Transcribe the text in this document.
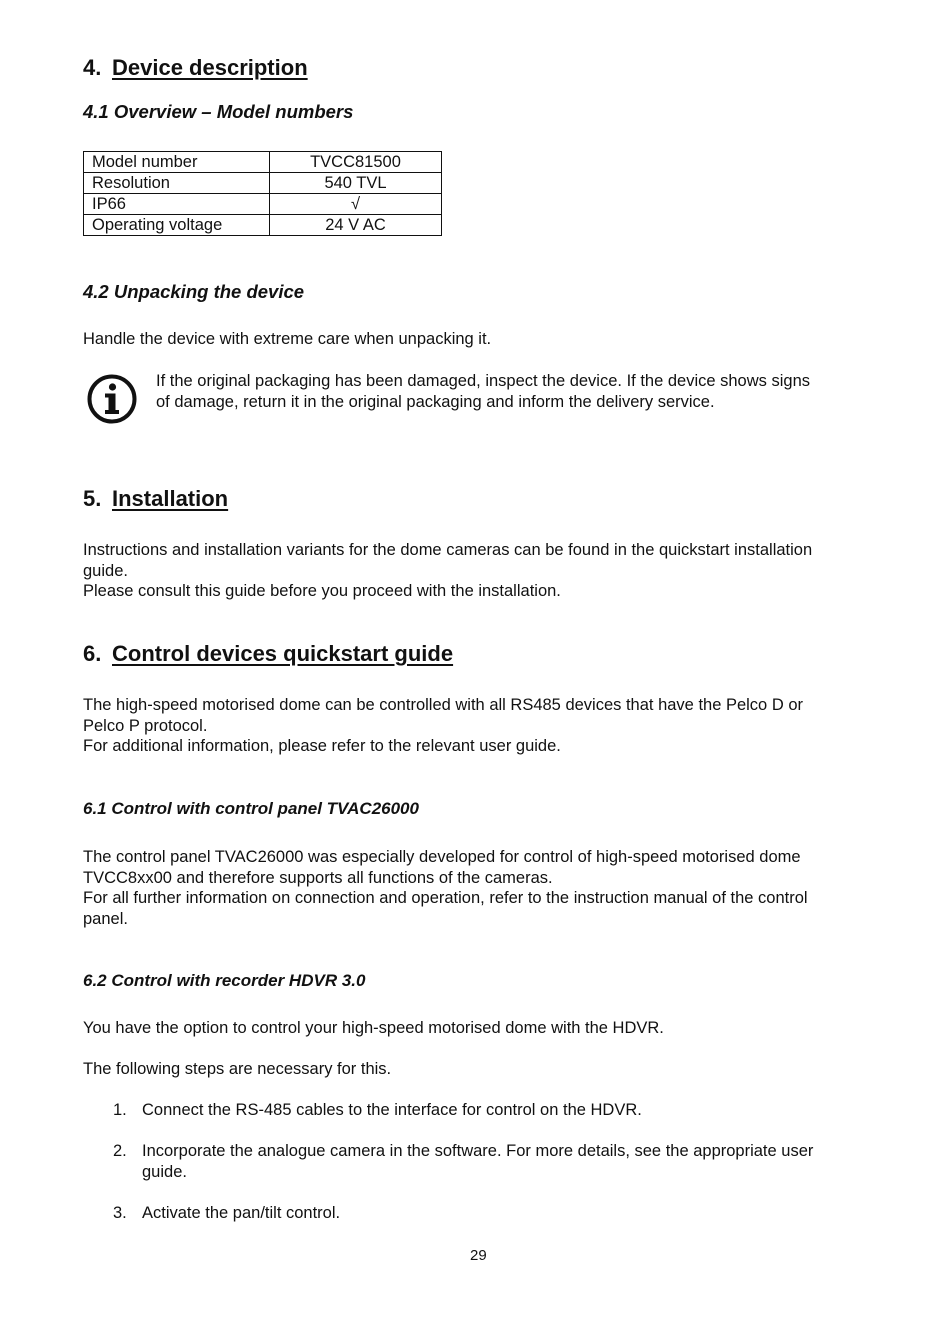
4. Device description
4.1 Overview – Model numbers
Model number	TVCC81500
Resolution	540 TVL
IP66	√
Operating voltage	24 V AC
4.2 Unpacking the device
Handle the device with extreme care when unpacking it.
If the original packaging has been damaged, inspect the device. If the device shows signs
of damage, return it in the original packaging and inform the delivery service.
5. Installation
Instructions and installation variants for the dome cameras can be found in the quickstart installation
guide.
Please consult this guide before you proceed with the installation.
6. Control devices quickstart guide
The high-speed motorised dome can be controlled with all RS485 devices that have the Pelco D or
Pelco P protocol.
For additional information, please refer to the relevant user guide.
6.1 Control with control panel TVAC26000
The control panel TVAC26000 was especially developed for control of high-speed motorised dome
TVCC8xx00 and therefore supports all functions of the cameras.
For all further information on connection and operation, refer to the instruction manual of the control
panel.
6.2 Control with recorder HDVR 3.0
You have the option to control your high-speed motorised dome with the HDVR.
The following steps are necessary for this.
1. Connect the RS-485 cables to the interface for control on the HDVR.
2. Incorporate the analogue camera in the software. For more details, see the appropriate user
guide.
3. Activate the pan/tilt control.
29
